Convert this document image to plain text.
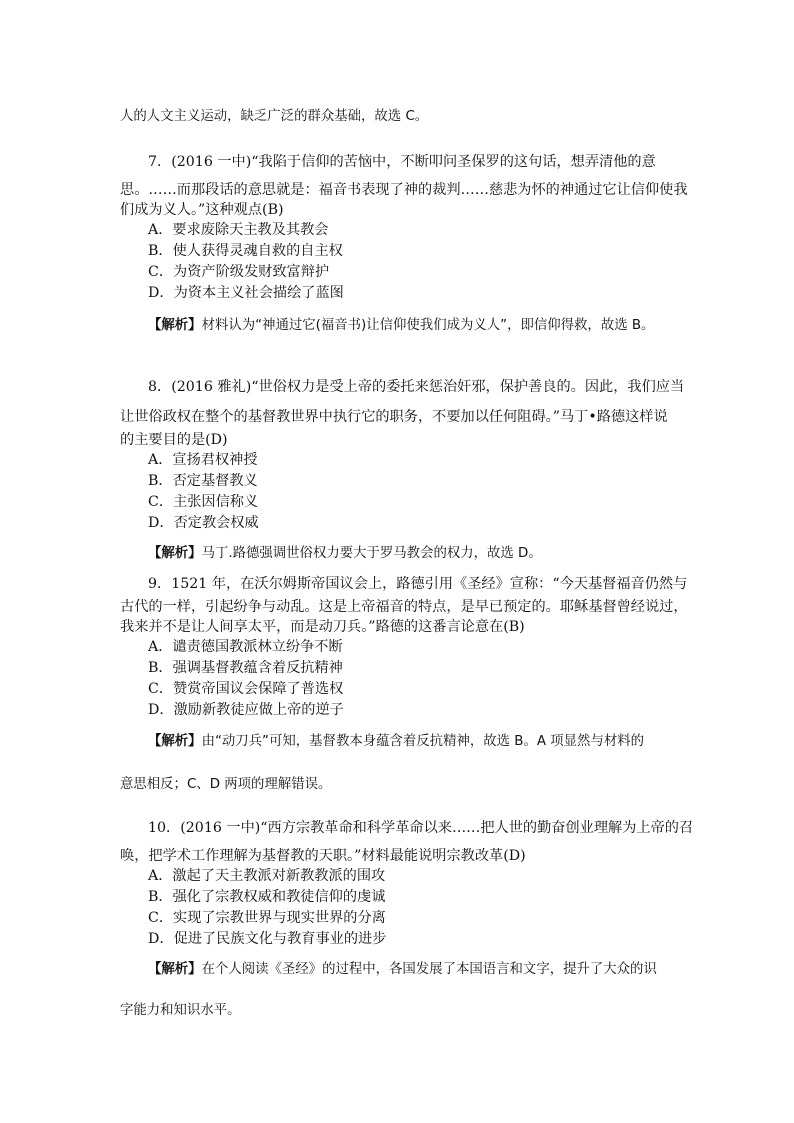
人的人文主义运动，缺乏广泛的群众基础，故选 C。
7．(2016 一中)“我陷于信仰的苦恼中，不断叩问圣保罗的这句话，想弄清他的意
思。……而那段话的意思就是：福音书表现了神的裁判……慈悲为怀的神通过它让信仰使我
们成为义人。”这种观点(B)
A．要求废除天主教及其教会
B．使人获得灵魂自救的自主权
C．为资产阶级发财致富辩护
D．为资本主义社会描绘了蓝图
【解析】材料认为“神通过它(福音书)让信仰使我们成为义人”，即信仰得救，故选 B。
8．(2016 雅礼)“世俗权力是受上帝的委托来惩治奸邪，保护善良的。因此，我们应当
让世俗政权在整个的基督教世界中执行它的职务，不要加以任何阻碍。”马丁•路德这样说
的主要目的是(D)
A．宣扬君权神授
B．否定基督教义
C．主张因信称义
D．否定教会权威
【解析】马丁.路德强调世俗权力要大于罗马教会的权力，故选 D。
9．1521 年，在沃尔姆斯帝国议会上，路德引用《圣经》宣称：“今天基督福音仍然与
古代的一样，引起纷争与动乱。这是上帝福音的特点，是早已预定的。耶稣基督曾经说过，
我来并不是让人间享太平，而是动刀兵。”路德的这番言论意在(B)
A．谴责德国教派林立纷争不断
B．强调基督教蕴含着反抗精神
C．赞赏帝国议会保障了普选权
D．激励新教徒应做上帝的逆子
【解析】由“动刀兵”可知，基督教本身蕴含着反抗精神，故选 B。A 项显然与材料的
意思相反；C、D 两项的理解错误。
10．(2016 一中)“西方宗教革命和科学革命以来……把人世的勤奋创业理解为上帝的召
唤，把学术工作理解为基督教的天职。”材料最能说明宗教改革(D)
A．激起了天主教派对新教教派的围攻
B．强化了宗教权威和教徒信仰的虔诚
C．实现了宗教世界与现实世界的分离
D．促进了民族文化与教育事业的进步
【解析】在个人阅读《圣经》的过程中，各国发展了本国语言和文字，提升了大众的识
字能力和知识水平。
